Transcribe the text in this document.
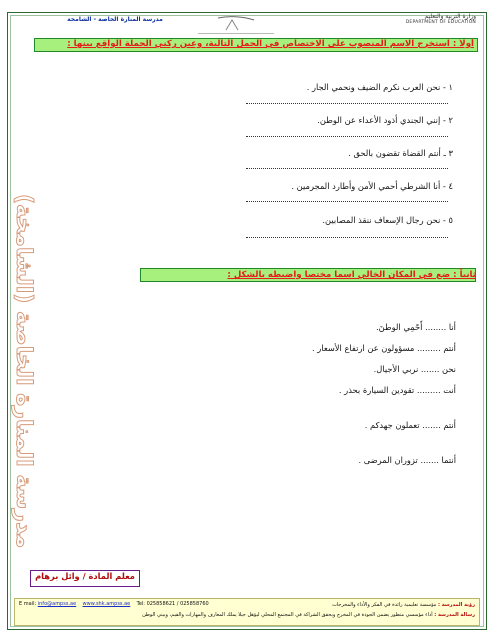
مدرسة المنارة الخاصة - الشامخة	وزارة التربية والتعليم
DEPARTMENT OF EDUCATION
أولاً : استخرج الاسم المنصوب على الاختصاص في الجمل التالية، وعين ركني الجملة الواقع بينها :
١ - نحن العرب نكرم الضيف ونحمي الجار .
٢ - إنني الجندي أذود الأعداء عن الوطن.
٣ ـ أنتم القضاة تقضون بالحق .
٤ - أنا الشرطي أحمي الأمن وأطارد المجرمين .
٥ - نحن رجال الإسعاف ننقذ المصابين.
ثانياً : ضع في المكان الخالي اسما مختصا واضبطه بالشكل :
أنا ........ أَحْمِي الوطنَ.
أنتم ......... مسؤولون عن ارتفاع الأسعار .
نحن ....... نربي الأجيال.
أنت ......... تقودين السيارة بحذر .
أنتم ....... تعملون جهدكم .
أنتما ....... تزوران المرضى .
مدرسة المنارة الخاصة (الشامخة)
معلم المادة / وائل برهام
E mail: info@ampss.ae www.shk.ampss.ae Tel: 025858621 / 025858760	رؤية المدرسة : مؤسسة تعليمية رائدة في الفكر والأداء والمخرجات
رسالة المدرسة : أداء مؤسسي متطور يضمن الجودة في المخرج ويحقق الشراكة في المجتمع المحلي ليؤهل جيلا يملك المعارف والمهارات والقيم، ويبني الوطن
